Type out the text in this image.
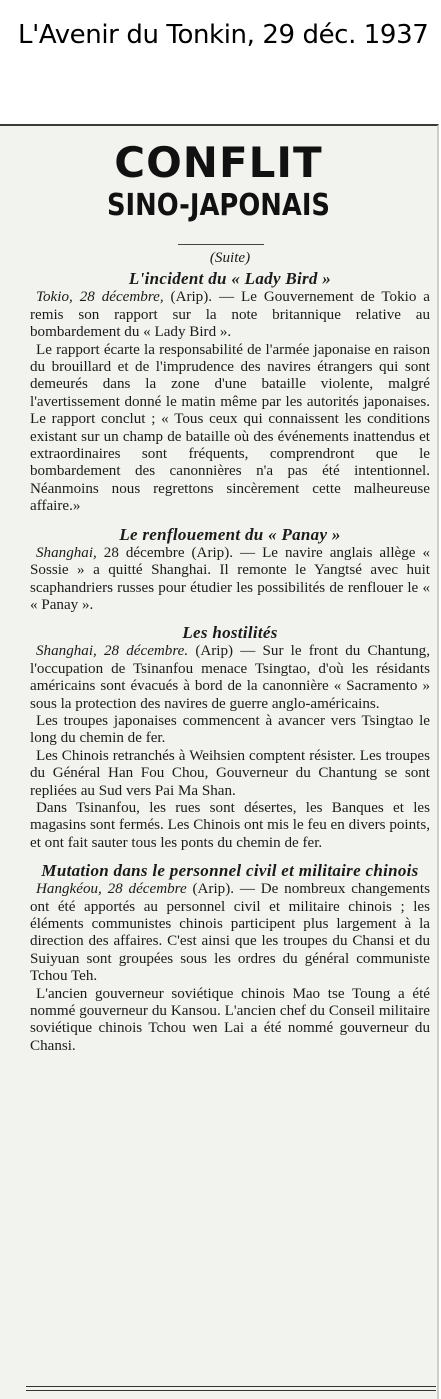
L'Avenir du Tonkin, 29 déc. 1937
CONFLIT
SINO-JAPONAIS
(Suite)
L'incident du « Lady Bird »

Tokio, 28 décembre, (Arip). — Le Gouvernement de Tokio a remis son rapport sur la note britannique relative au bombardement du « Lady Bird ».

Le rapport écarte la responsabilité de l'armée japonaise en raison du brouillard et de l'imprudence des navires étrangers qui sont demeurés dans la zone d'une bataille violente, malgré l'avertissement donné le matin même par les autorités japonaises. Le rapport conclut ; « Tous ceux qui connaissent les conditions existant sur un champ de bataille où des événements inattendus et extraordinaires sont fréquents, comprendront que le bombardement des canonnières n'a pas été intentionnel. Néanmoins nous regrettons sincèrement cette malheureuse affaire.»

Le renflouement du « Panay »

Shanghai, 28 décembre (Arip). — Le navire anglais allège « Sossie » a quitté Shanghai. Il remonte le Yangtsé avec huit scaphandriers russes pour étudier les possibilités de renflouer le « « Panay ».

Les hostilités

Shanghai, 28 décembre. (Arip) — Sur le front du Chantung, l'occupation de Tsinanfou menace Tsingtao, d'où les résidants américains sont évacués à bord de la canonnière « Sacramento » sous la protection des navires de guerre anglo-américains.

Les troupes japonaises commencent à avancer vers Tsingtao le long du chemin de fer.

Les Chinois retranchés à Weihsien comptent résister. Les troupes du Général Han Fou Chou, Gouverneur du Chantung se sont repliées au Sud vers Pai Ma Shan.

Dans Tsinanfou, les rues sont désertes, les Banques et les magasins sont fermés. Les Chinois ont mis le feu en divers points, et ont fait sauter tous les ponts du chemin de fer.

Mutation dans le personnel civil et militaire chinois

Hangkéou, 28 décembre (Arip). — De nombreux changements ont été apportés au personnel civil et militaire chinois ; les éléments communistes chinois participent plus largement à la direction des affaires. C'est ainsi que les troupes du Chansi et du Suiyuan sont groupées sous les ordres du général communiste Tchou Teh.

L'ancien gouverneur soviétique chinois Mao tse Toung a été nommé gouverneur du Kansou. L'ancien chef du Conseil militaire soviétique chinois Tchou wen Lai a été nommé gouverneur du Chansi.
